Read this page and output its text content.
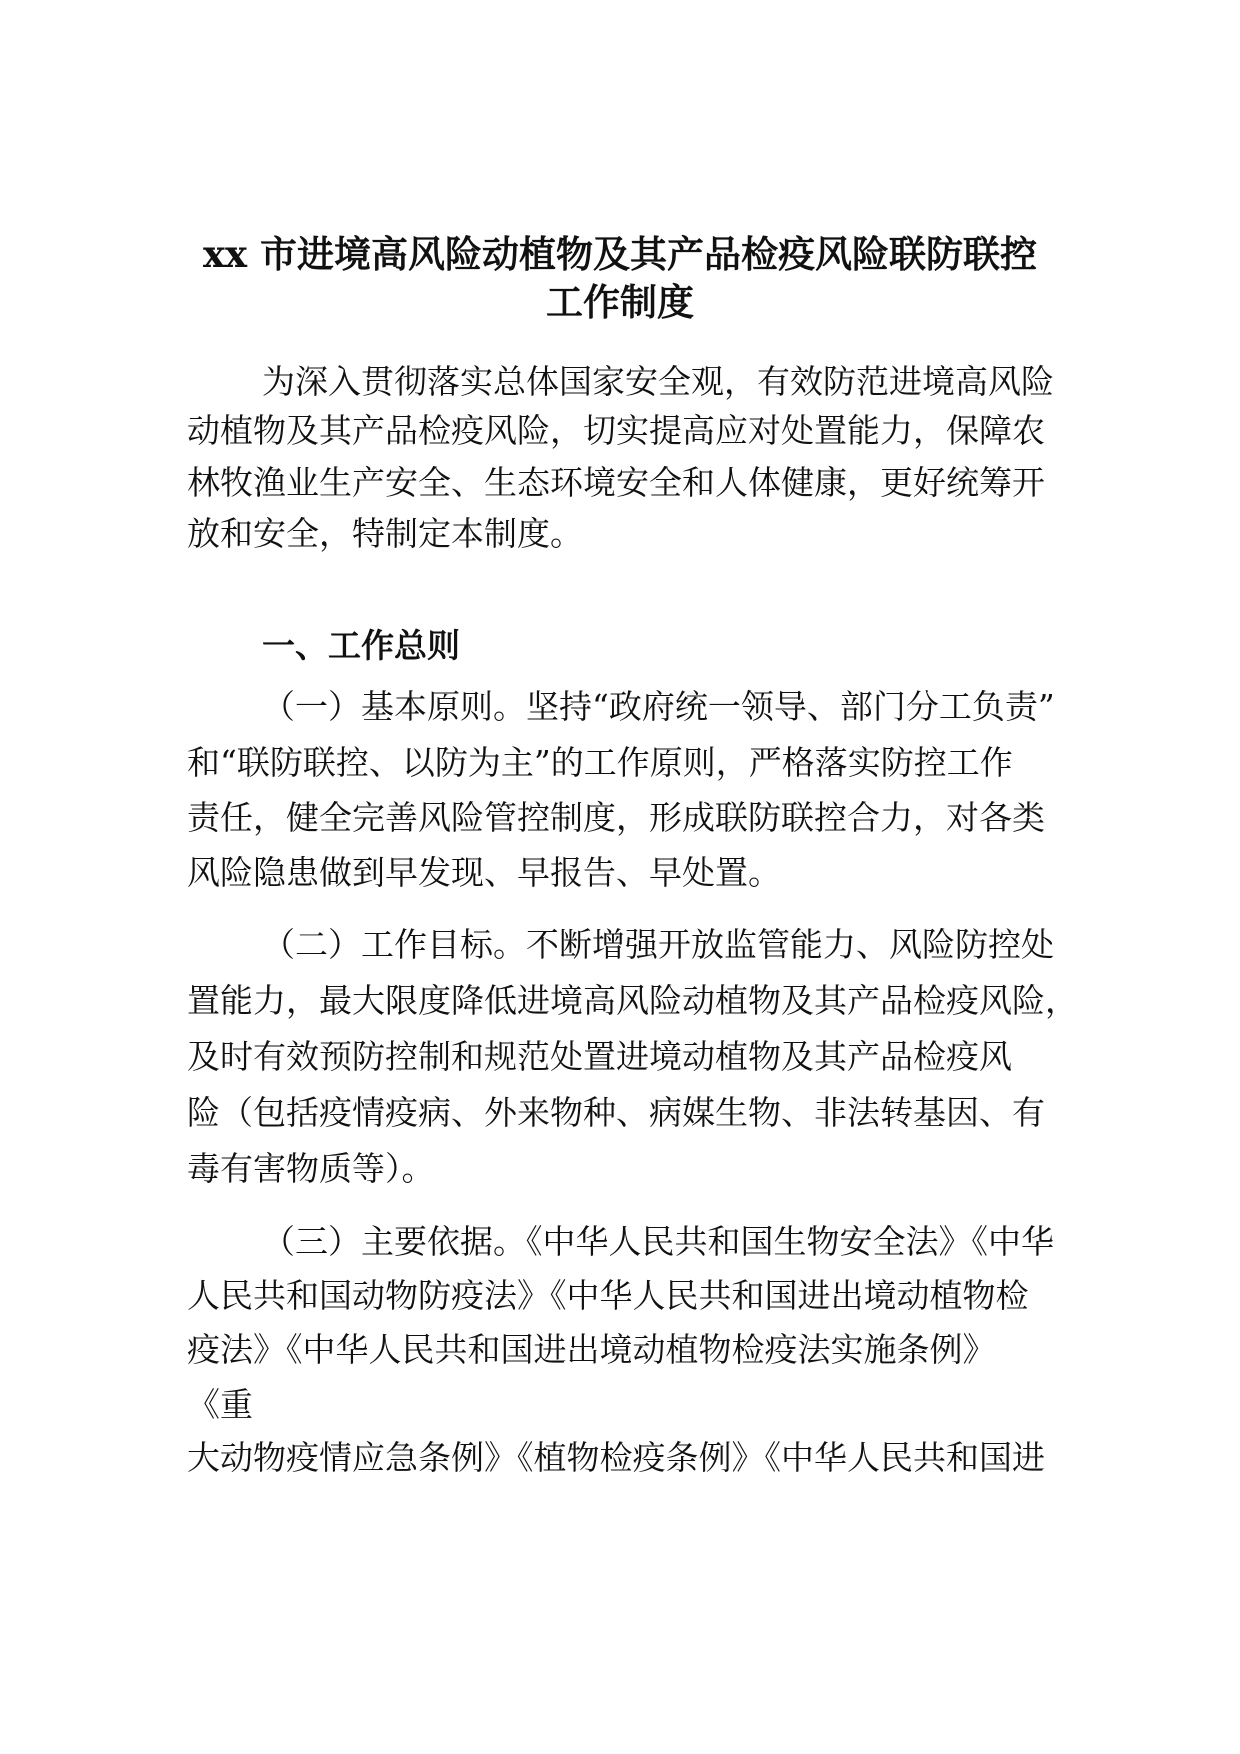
xx 市进境高风险动植物及其产品检疫风险联防联控
工作制度
为深入贯彻落实总体国家安全观，有效防范进境高风险
动植物及其产品检疫风险，切实提高应对处置能力，保障农
林牧渔业生产安全、生态环境安全和人体健康，更好统筹开
放和安全，特制定本制度。
一、工作总则
（一）基本原则。坚持“政府统一领导、部门分工负责”
和“联防联控、以防为主”的工作原则，严格落实防控工作
责任，健全完善风险管控制度，形成联防联控合力，对各类
风险隐患做到早发现、早报告、早处置。
（二）工作目标。不断增强开放监管能力、风险防控处
置能力，最大限度降低进境高风险动植物及其产品检疫风险，
及时有效预防控制和规范处置进境动植物及其产品检疫风
险（包括疫情疫病、外来物种、病媒生物、非法转基因、有
毒有害物质等）。
（三）主要依据。《中华人民共和国生物安全法》《中华
人民共和国动物防疫法》《中华人民共和国进出境动植物检
疫法》《中华人民共和国进出境动植物检疫法实施条例》
《重
大动物疫情应急条例》《植物检疫条例》《中华人民共和国进
